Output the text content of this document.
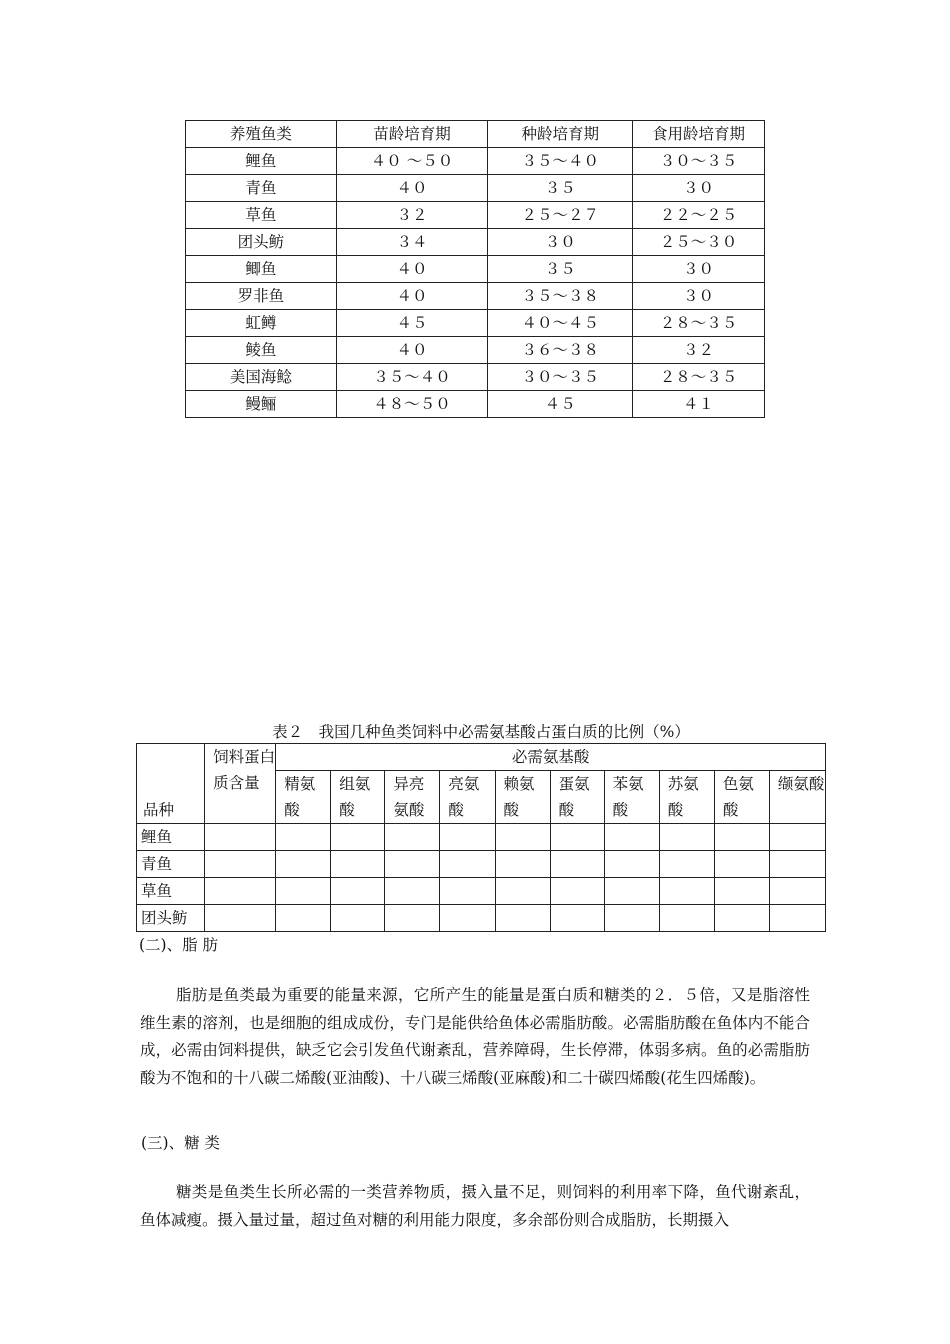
养殖鱼类	苗龄培育期	种龄培育期	食用龄培育期
鲤鱼	４０ ～５０	３５～４０	３０～３５
青鱼	４０	３５	３０
草鱼	３２	２５～２７	２２～２５
团头鲂	３４	３０	２５～３０
鲫鱼	４０	３５	３０
罗非鱼	４０	３５～３８	３０
虹鳟	４５	４０～４５	２８～３５
鲮鱼	４０	３６～３８	３２
美国海鲶	３５～４０	３０～３５	２８～３５
鳗鲡	４８～５０	４５	４１
表２　我国几种鱼类饲料中必需氨基酸占蛋白质的比例（%）
品种	饲料蛋白质含量	必需氨基酸									
		精氨酸	组氨酸	异亮氨酸	亮氨酸	赖氨酸	蛋氨酸	苯氨酸	苏氨酸	色氨酸	缬氨酸
鲤鱼											
青鱼											
草鱼											
团头鲂											
(二)、脂 肪

脂肪是鱼类最为重要的能量来源，它所产生的能量是蛋白质和糖类的２．５倍，又是脂溶性维生素的溶剂，也是细胞的组成成份，专门是能供给鱼体必需脂肪酸。必需脂肪酸在鱼体内不能合成，必需由饲料提供，缺乏它会引发鱼代谢紊乱，营养障碍，生长停滞，体弱多病。鱼的必需脂肪酸为不饱和的十八碳二烯酸(亚油酸)、十八碳三烯酸(亚麻酸)和二十碳四烯酸(花生四烯酸)。

(三)、糖 类

糖类是鱼类生长所必需的一类营养物质，摄入量不足，则饲料的利用率下降，鱼代谢紊乱，鱼体减瘦。摄入量过量，超过鱼对糖的利用能力限度，多余部份则合成脂肪，长期摄入
